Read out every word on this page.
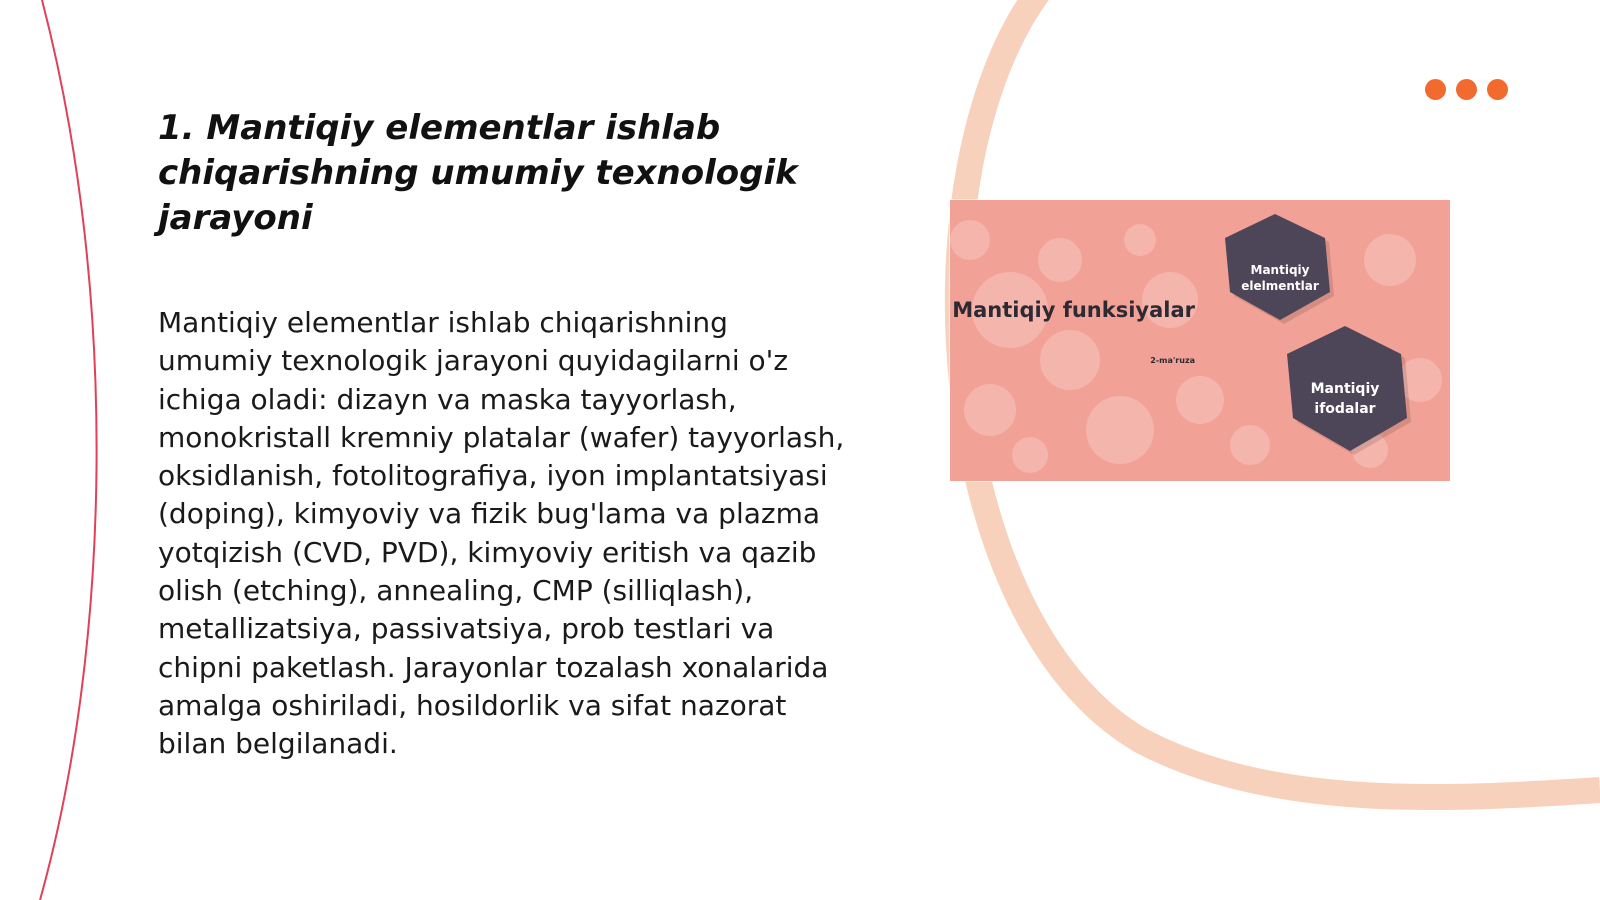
1. Mantiqiy elementlar ishlab chiqarishning umumiy texnologik jarayoni

Mantiqiy elementlar ishlab chiqarishning umumiy texnologik jarayoni quyidagilarni o'z ichiga oladi: dizayn va maska tayyorlash, monokristall kremniy platalar (wafer) tayyorlash, oksidlanish, fotolitografiya, iyon implantatsiyasi (doping), kimyoviy va fizik bug'lama va plazma yotqizish (CVD, PVD), kimyoviy eritish va qazib olish (etching), annealing, CMP (silliqlash), metallizatsiya, passivatsiya, prob testlari va chipni paketlash. Jarayonlar tozalash xonalarida amalga oshiriladi, hosildorlik va sifat nazorat bilan belgilanadi.

Mantiqiy funksiyalar

2-ma'ruza

Mantiqiy elelmentlar

Mantiqiy ifodalar
